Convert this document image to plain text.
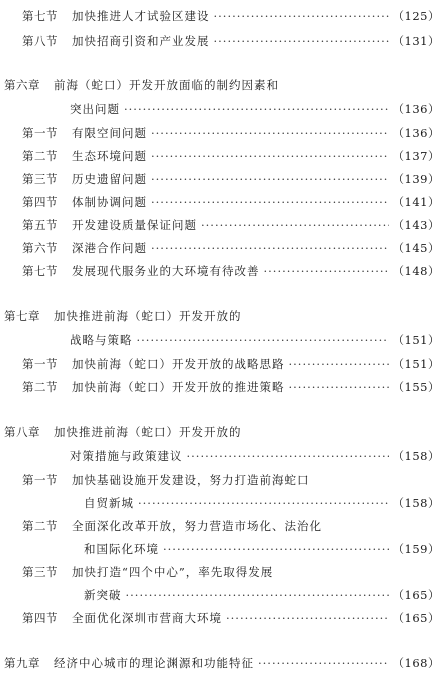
第七节 加快推进人才试验区建设 ·····	（125）
第八节 加快招商引资和产业发展 ·····	（131）
第六章 前海（蛇口）开发开放面临的制约因素和
突出问题 ·····	（136）
第一节 有限空间问题 ·····	（136）
第二节 生态环境问题 ·····	（137）
第三节 历史遗留问题 ·····	（139）
第四节 体制协调问题 ·····	（141）
第五节 开发建设质量保证问题 ·····	（143）
第六节 深港合作问题 ·····	（145）
第七节 发展现代服务业的大环境有待改善 ·····	（148）
第七章 加快推进前海（蛇口）开发开放的
战略与策略 ·····	（151）
第一节 加快前海（蛇口）开发开放的战略思路 ·····	（151）
第二节 加快前海（蛇口）开发开放的推进策略 ·····	（155）
第八章 加快推进前海（蛇口）开发开放的
对策措施与政策建议 ·····	（158）
第一节 加快基础设施开发建设，努力打造前海蛇口
自贸新城 ·····	（158）
第二节 全面深化改革开放，努力营造市场化、法治化
和国际化环境 ·····	（159）
第三节 加快打造“四个中心”，率先取得发展
新突破 ·····	（165）
第四节 全面优化深圳市营商大环境 ·····	（165）
第九章 经济中心城市的理论渊源和功能特征 ·····	（168）
